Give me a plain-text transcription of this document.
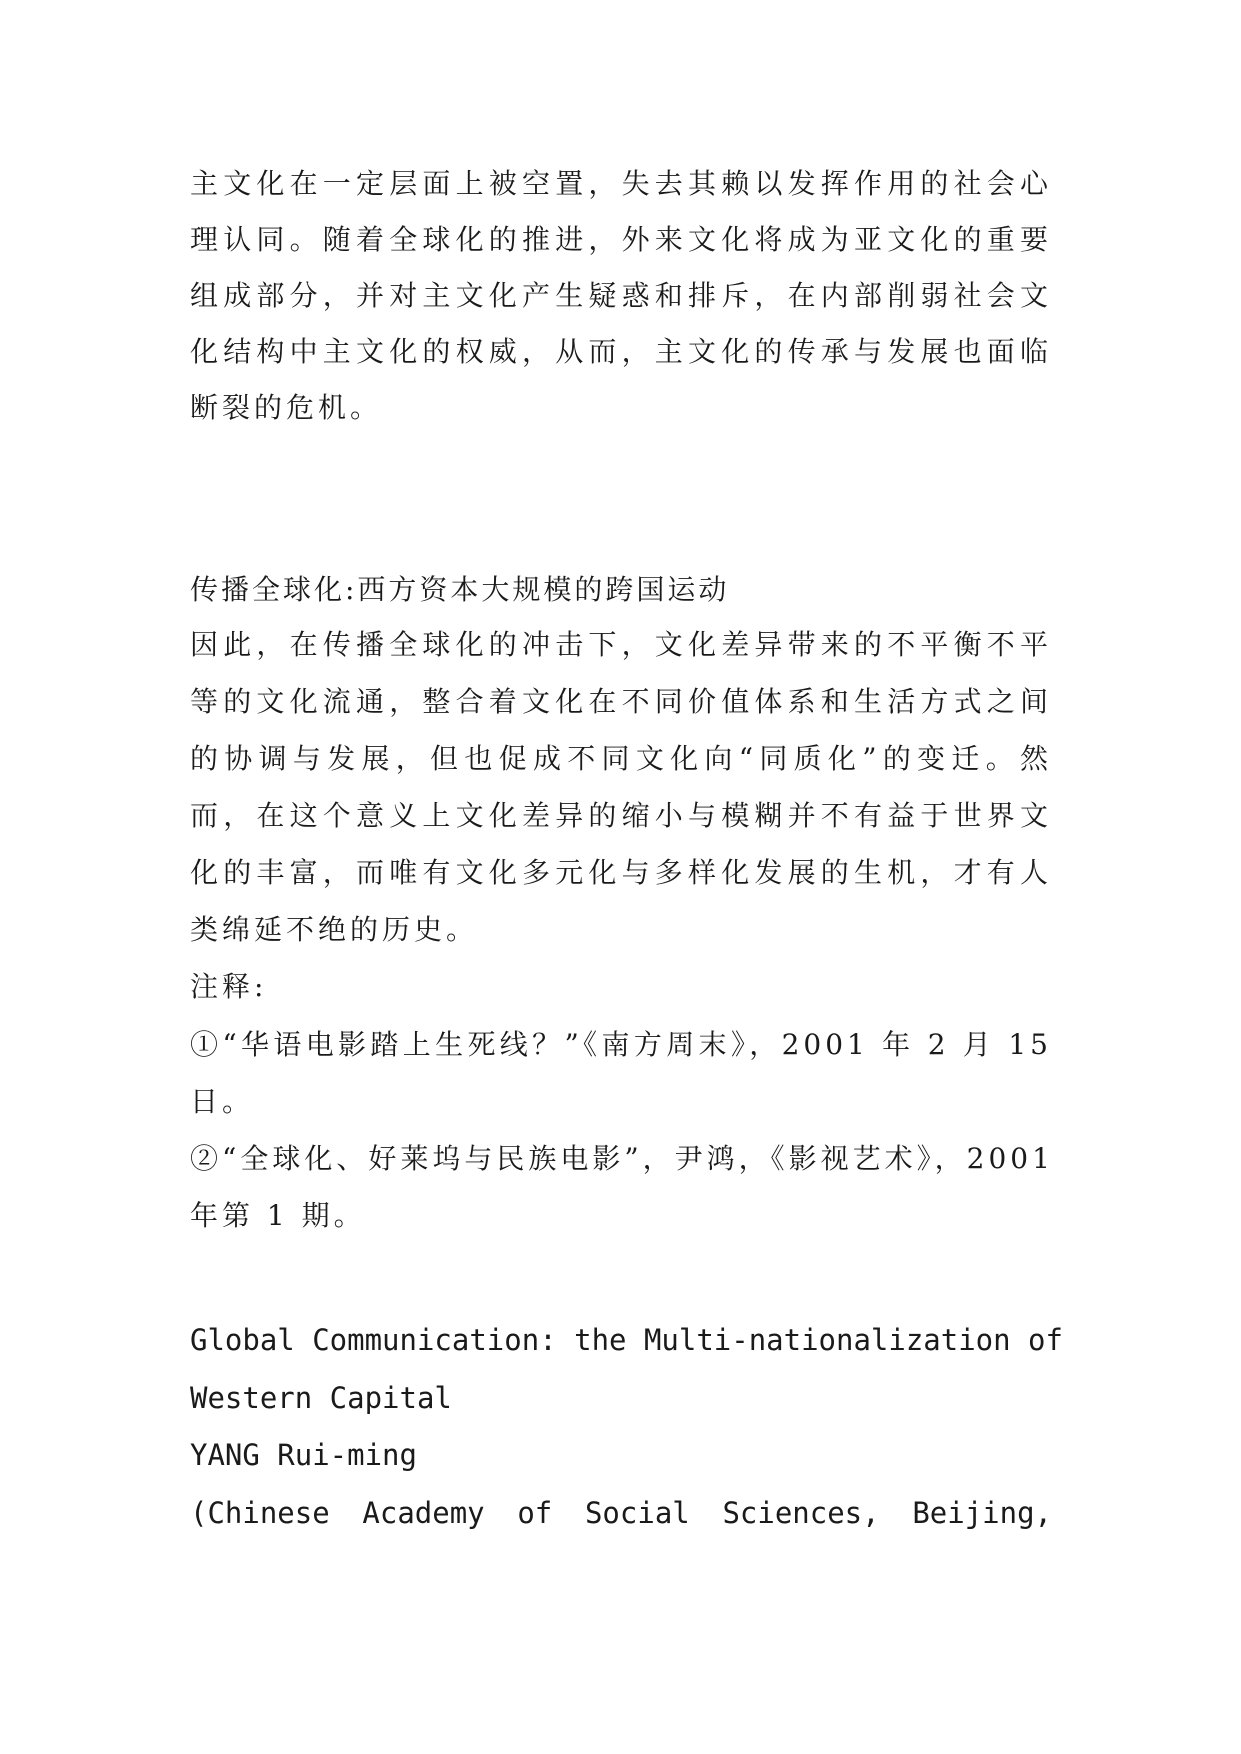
主文化在一定层面上被空置，失去其赖以发挥作用的社会心
理认同。随着全球化的推进，外来文化将成为亚文化的重要
组成部分，并对主文化产生疑惑和排斥，在内部削弱社会文
化结构中主文化的权威，从而，主文化的传承与发展也面临
断裂的危机。
传播全球化:西方资本大规模的跨国运动
因此，在传播全球化的冲击下，文化差异带来的不平衡不平
等的文化流通，整合着文化在不同价值体系和生活方式之间
的协调与发展，但也促成不同文化向“同质化”的变迁。然
而，在这个意义上文化差异的缩小与模糊并不有益于世界文
化的丰富，而唯有文化多元化与多样化发展的生机，才有人
类绵延不绝的历史。
注释:
①“华语电影踏上生死线？”《南方周末》，2001 年 2 月 15
日。
②“全球化、好莱坞与民族电影”，尹鸿，《影视艺术》，2001
年第 1 期。
Global Communication: the Multi-nationalization of
Western Capital
YANG Rui-ming
(Chinese Academy of Social Sciences, Beijing,
